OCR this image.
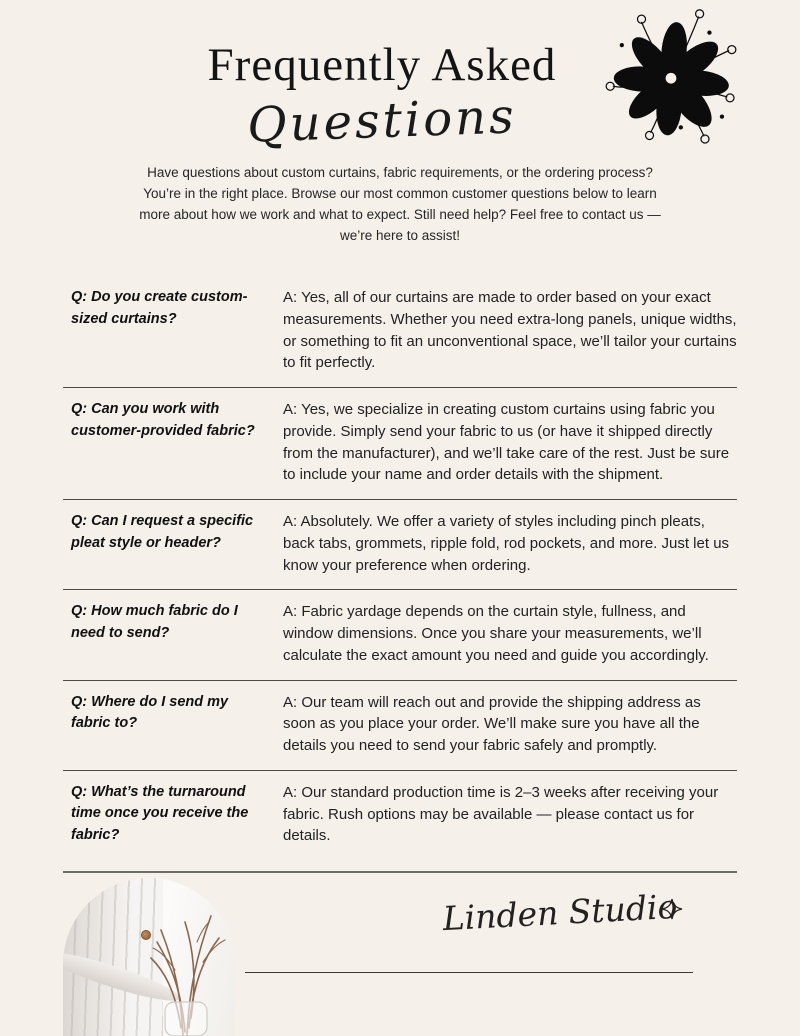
Frequently Asked
Questions

Have questions about custom curtains, fabric requirements, or the ordering process? You’re in the right place. Browse our most common customer questions below to learn more about how we work and what to expect. Still need help? Feel free to contact us — we’re here to assist!

Q: Do you create custom-sized curtains?
A: Yes, all of our curtains are made to order based on your exact measurements. Whether you need extra-long panels, unique widths, or something to fit an unconventional space, we’ll tailor your curtains to fit perfectly.
Q: Can you work with customer-provided fabric?
A: Yes, we specialize in creating custom curtains using fabric you provide. Simply send your fabric to us (or have it shipped directly from the manufacturer), and we’ll take care of the rest. Just be sure to include your name and order details with the shipment.
Q: Can I request a specific pleat style or header?
A: Absolutely. We offer a variety of styles including pinch pleats, back tabs, grommets, ripple fold, rod pockets, and more. Just let us know your preference when ordering.
Q: How much fabric do I need to send?
A: Fabric yardage depends on the curtain style, fullness, and window dimensions. Once you share your measurements, we’ll calculate the exact amount you need and guide you accordingly.
Q: Where do I send my fabric to?
A: Our team will reach out and provide the shipping address as soon as you place your order. We’ll make sure you have all the details you need to send your fabric safely and promptly.
Q: What’s the turnaround time once you receive the fabric?
A: Our standard production time is 2–3 weeks after receiving your fabric. Rush options may be available — please contact us for details.
Linden Studio
